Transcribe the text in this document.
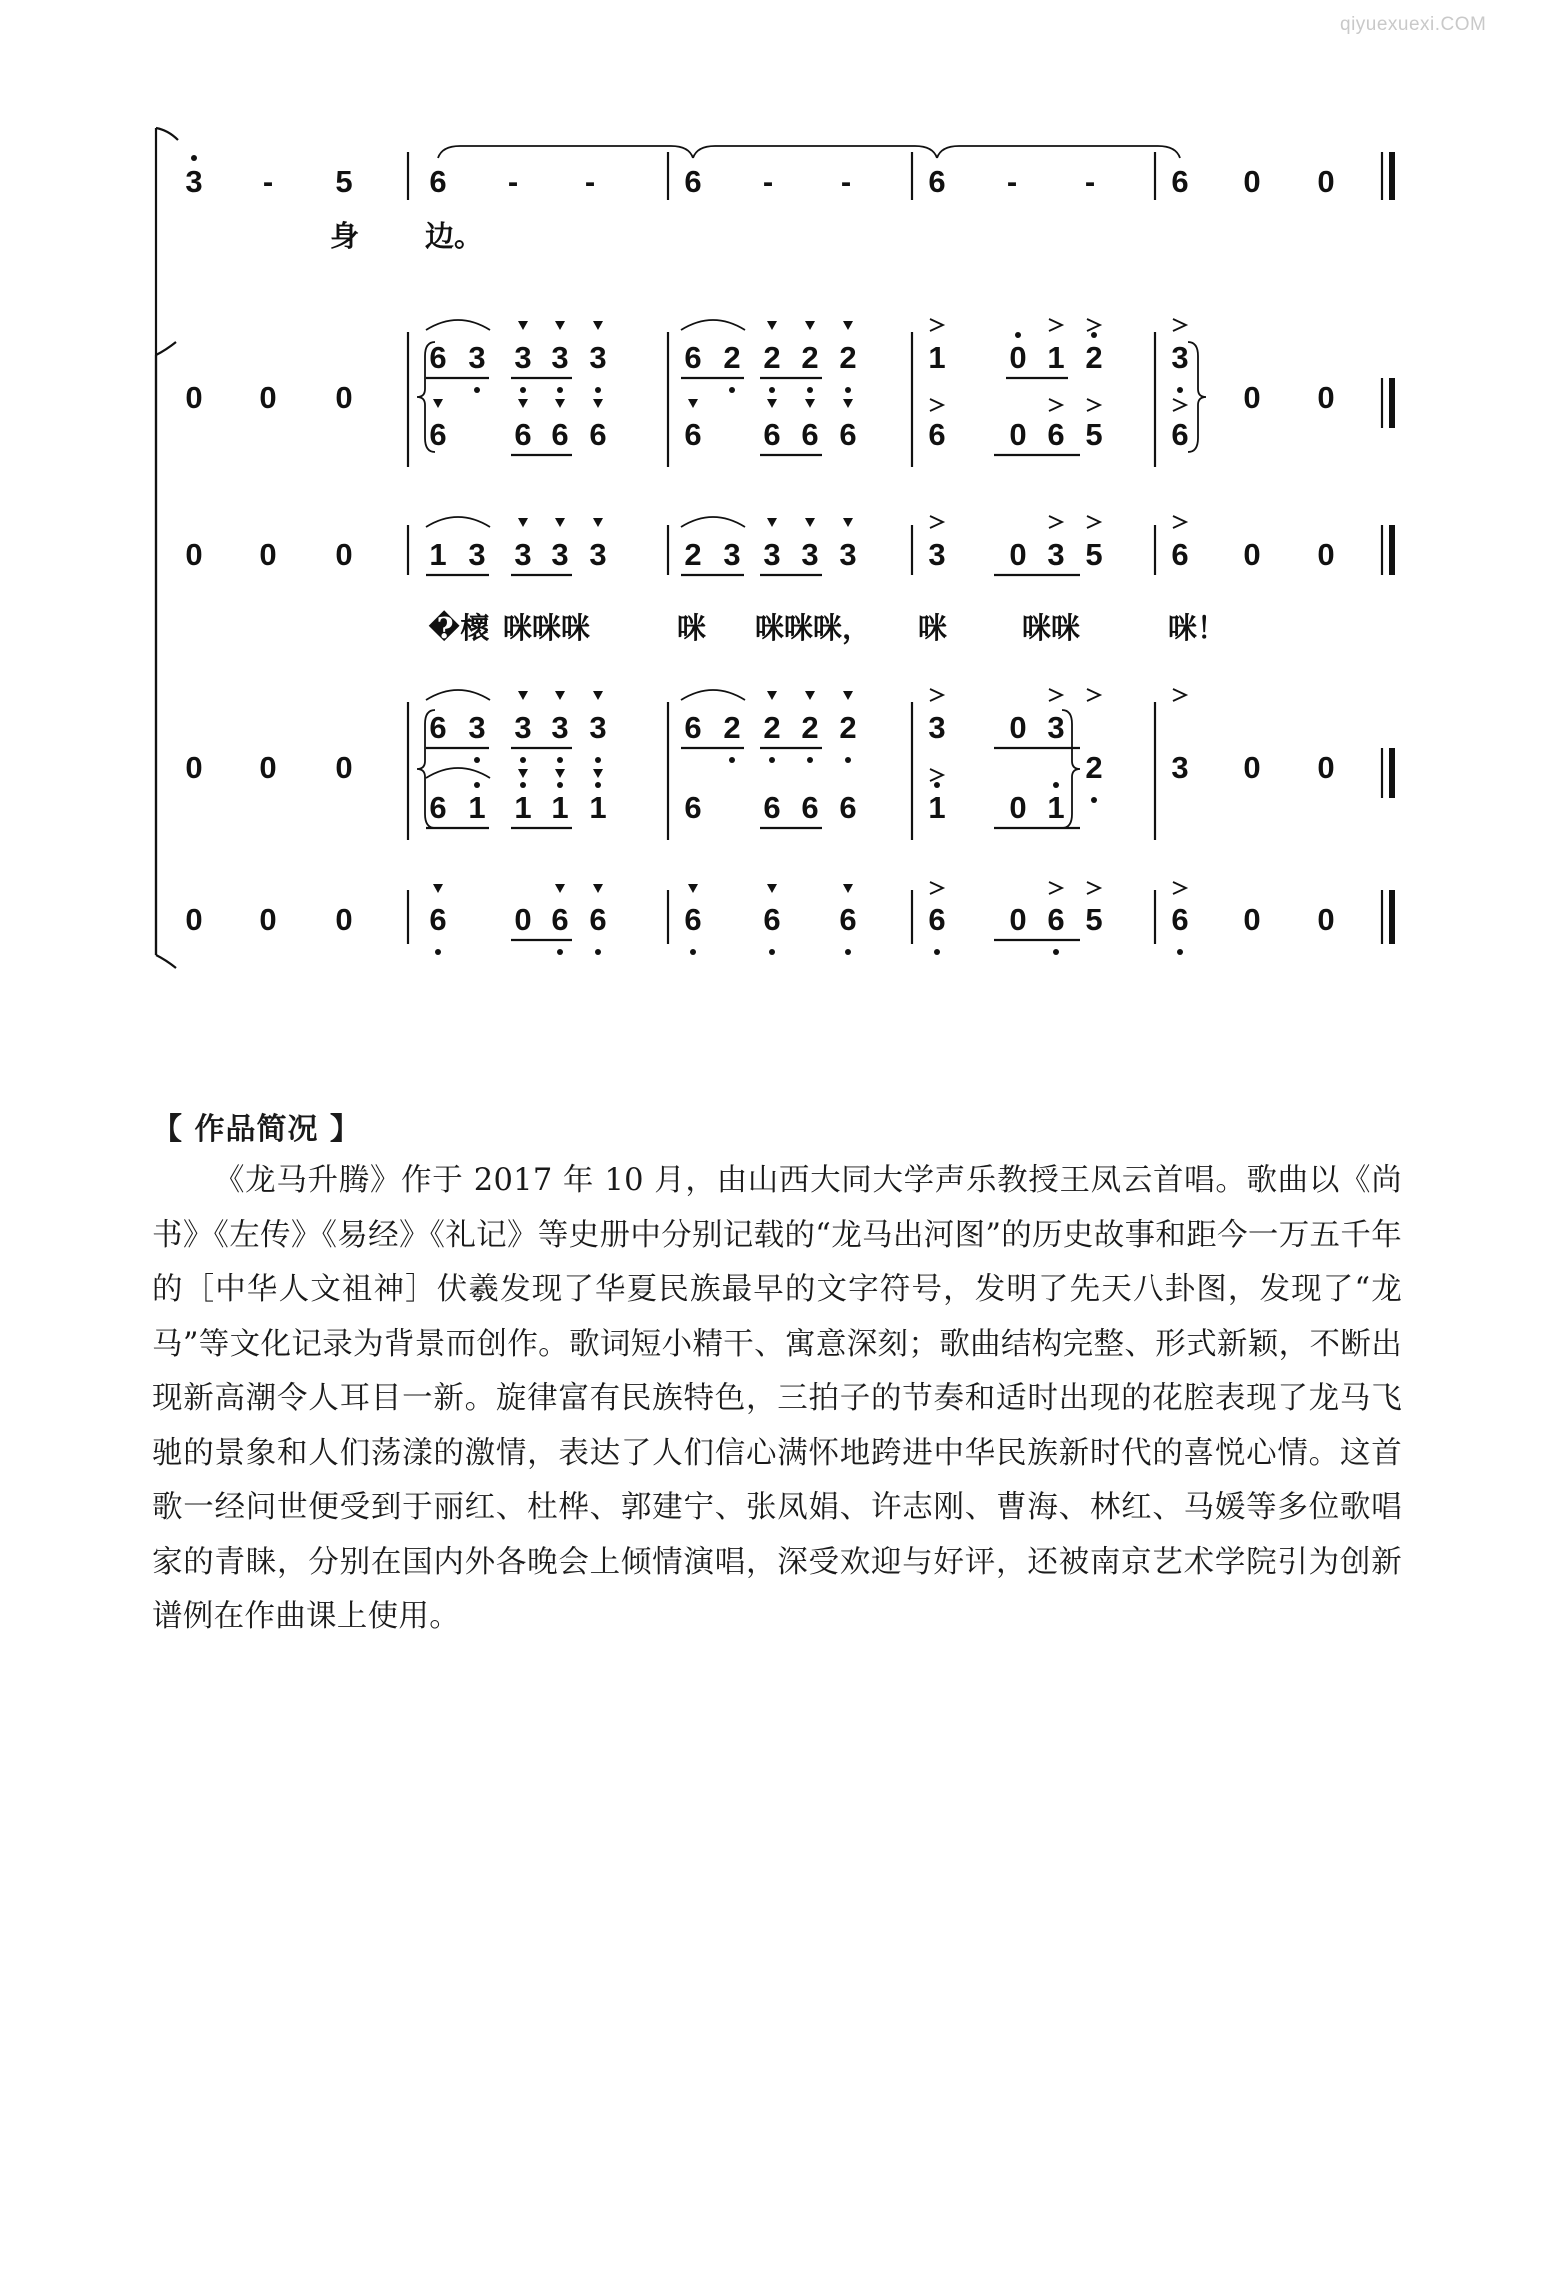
qiyuexuexi.COM
3 - 5 6 - -	6 - - 6 - - 6 0 0
身 边。
0 0 0
6 3 3 3 3	6 2 2 2 2 1 0 1 2 3
6 6 6 6	6 6 6 6 6 0 6 5 6
0 0
0 0 0 1 3 3 3 3	2 3 3 3 3 3 0 3 5 6 0 0
�櫰 咪咪咪	咪 咪咪咪， 咪	咪咪	咪！
0 0 0
6 3 3 3 3	6 2 2 2 2 3 0 3
6 1 1 1 1	6 6 6 6 1 0 1
2 3 0 0
0 0 0 6 0 6 6	6 6 6 6 0 6 5 6 0 0
【 作品简况 】

《龙马升腾》作于 2017 年 10 月，由山西大同大学声乐教授王凤云首唱。歌曲以《尚书》《左传》《易经》《礼记》等史册中分别记载的“龙马出河图”的历史故事和距今一万五千年的［中华人文祖神］伏羲发现了华夏民族最早的文字符号，发明了先天八卦图，发现了“龙马”等文化记录为背景而创作。歌词短小精干、寓意深刻；歌曲结构完整、形式新颖，不断出现新高潮令人耳目一新。旋律富有民族特色，三拍子的节奏和适时出现的花腔表现了龙马飞驰的景象和人们荡漾的激情，表达了人们信心满怀地跨进中华民族新时代的喜悦心情。这首歌一经问世便受到于丽红、杜桦、郭建宁、张凤娟、许志刚、曹海、林红、马媛等多位歌唱家的青睐，分别在国内外各晚会上倾情演唱，深受欢迎与好评，还被南京艺术学院引为创新谱例在作曲课上使用。
